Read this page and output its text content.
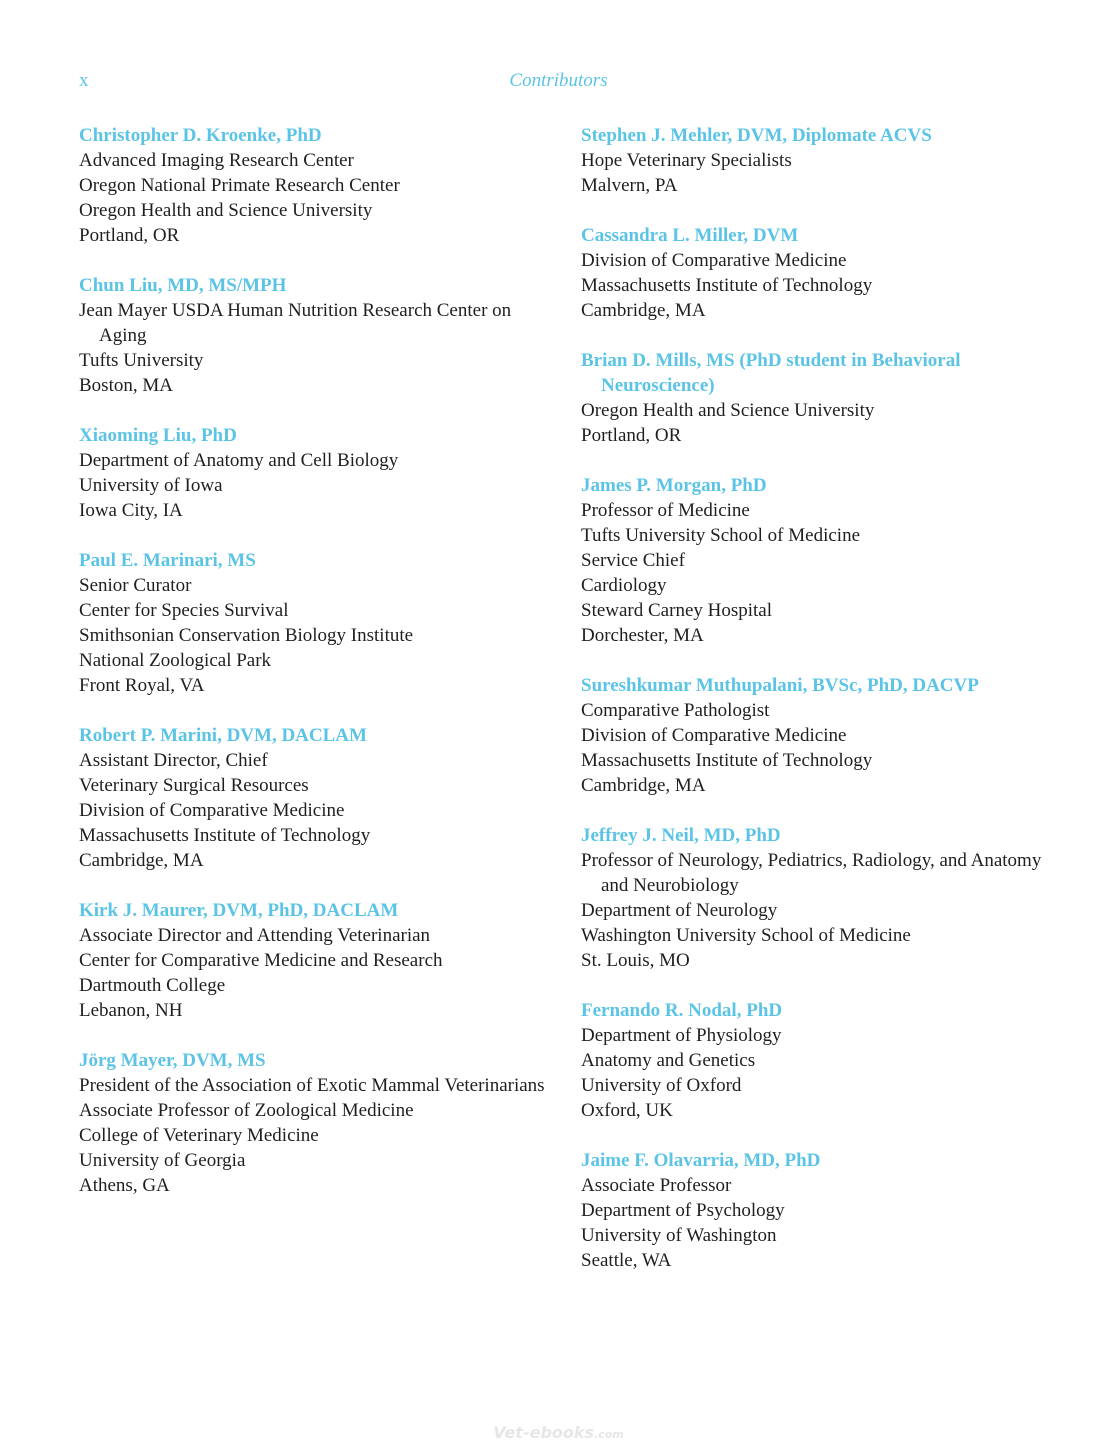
x	Contributors
Christopher D. Kroenke, PhD
Advanced Imaging Research Center
Oregon National Primate Research Center
Oregon Health and Science University
Portland, OR
Chun Liu, MD, MS/MPH
Jean Mayer USDA Human Nutrition Research Center on Aging
Tufts University
Boston, MA
Xiaoming Liu, PhD
Department of Anatomy and Cell Biology
University of Iowa
Iowa City, IA
Paul E. Marinari, MS
Senior Curator
Center for Species Survival
Smithsonian Conservation Biology Institute
National Zoological Park
Front Royal, VA
Robert P. Marini, DVM, DACLAM
Assistant Director, Chief
Veterinary Surgical Resources
Division of Comparative Medicine
Massachusetts Institute of Technology
Cambridge, MA
Kirk J. Maurer, DVM, PhD, DACLAM
Associate Director and Attending Veterinarian
Center for Comparative Medicine and Research
Dartmouth College
Lebanon, NH
Jörg Mayer, DVM, MS
President of the Association of Exotic Mammal Veterinarians
Associate Professor of Zoological Medicine
College of Veterinary Medicine
University of Georgia
Athens, GA
Stephen J. Mehler, DVM, Diplomate ACVS
Hope Veterinary Specialists
Malvern, PA
Cassandra L. Miller, DVM
Division of Comparative Medicine
Massachusetts Institute of Technology
Cambridge, MA
Brian D. Mills, MS (PhD student in Behavioral Neuroscience)
Oregon Health and Science University
Portland, OR
James P. Morgan, PhD
Professor of Medicine
Tufts University School of Medicine
Service Chief
Cardiology
Steward Carney Hospital
Dorchester, MA
Sureshkumar Muthupalani, BVSc, PhD, DACVP
Comparative Pathologist
Division of Comparative Medicine
Massachusetts Institute of Technology
Cambridge, MA
Jeffrey J. Neil, MD, PhD
Professor of Neurology, Pediatrics, Radiology, and Anatomy and Neurobiology
Department of Neurology
Washington University School of Medicine
St. Louis, MO
Fernando R. Nodal, PhD
Department of Physiology
Anatomy and Genetics
University of Oxford
Oxford, UK
Jaime F. Olavarria, MD, PhD
Associate Professor
Department of Psychology
University of Washington
Seattle, WA
Vet-ebooks.com
